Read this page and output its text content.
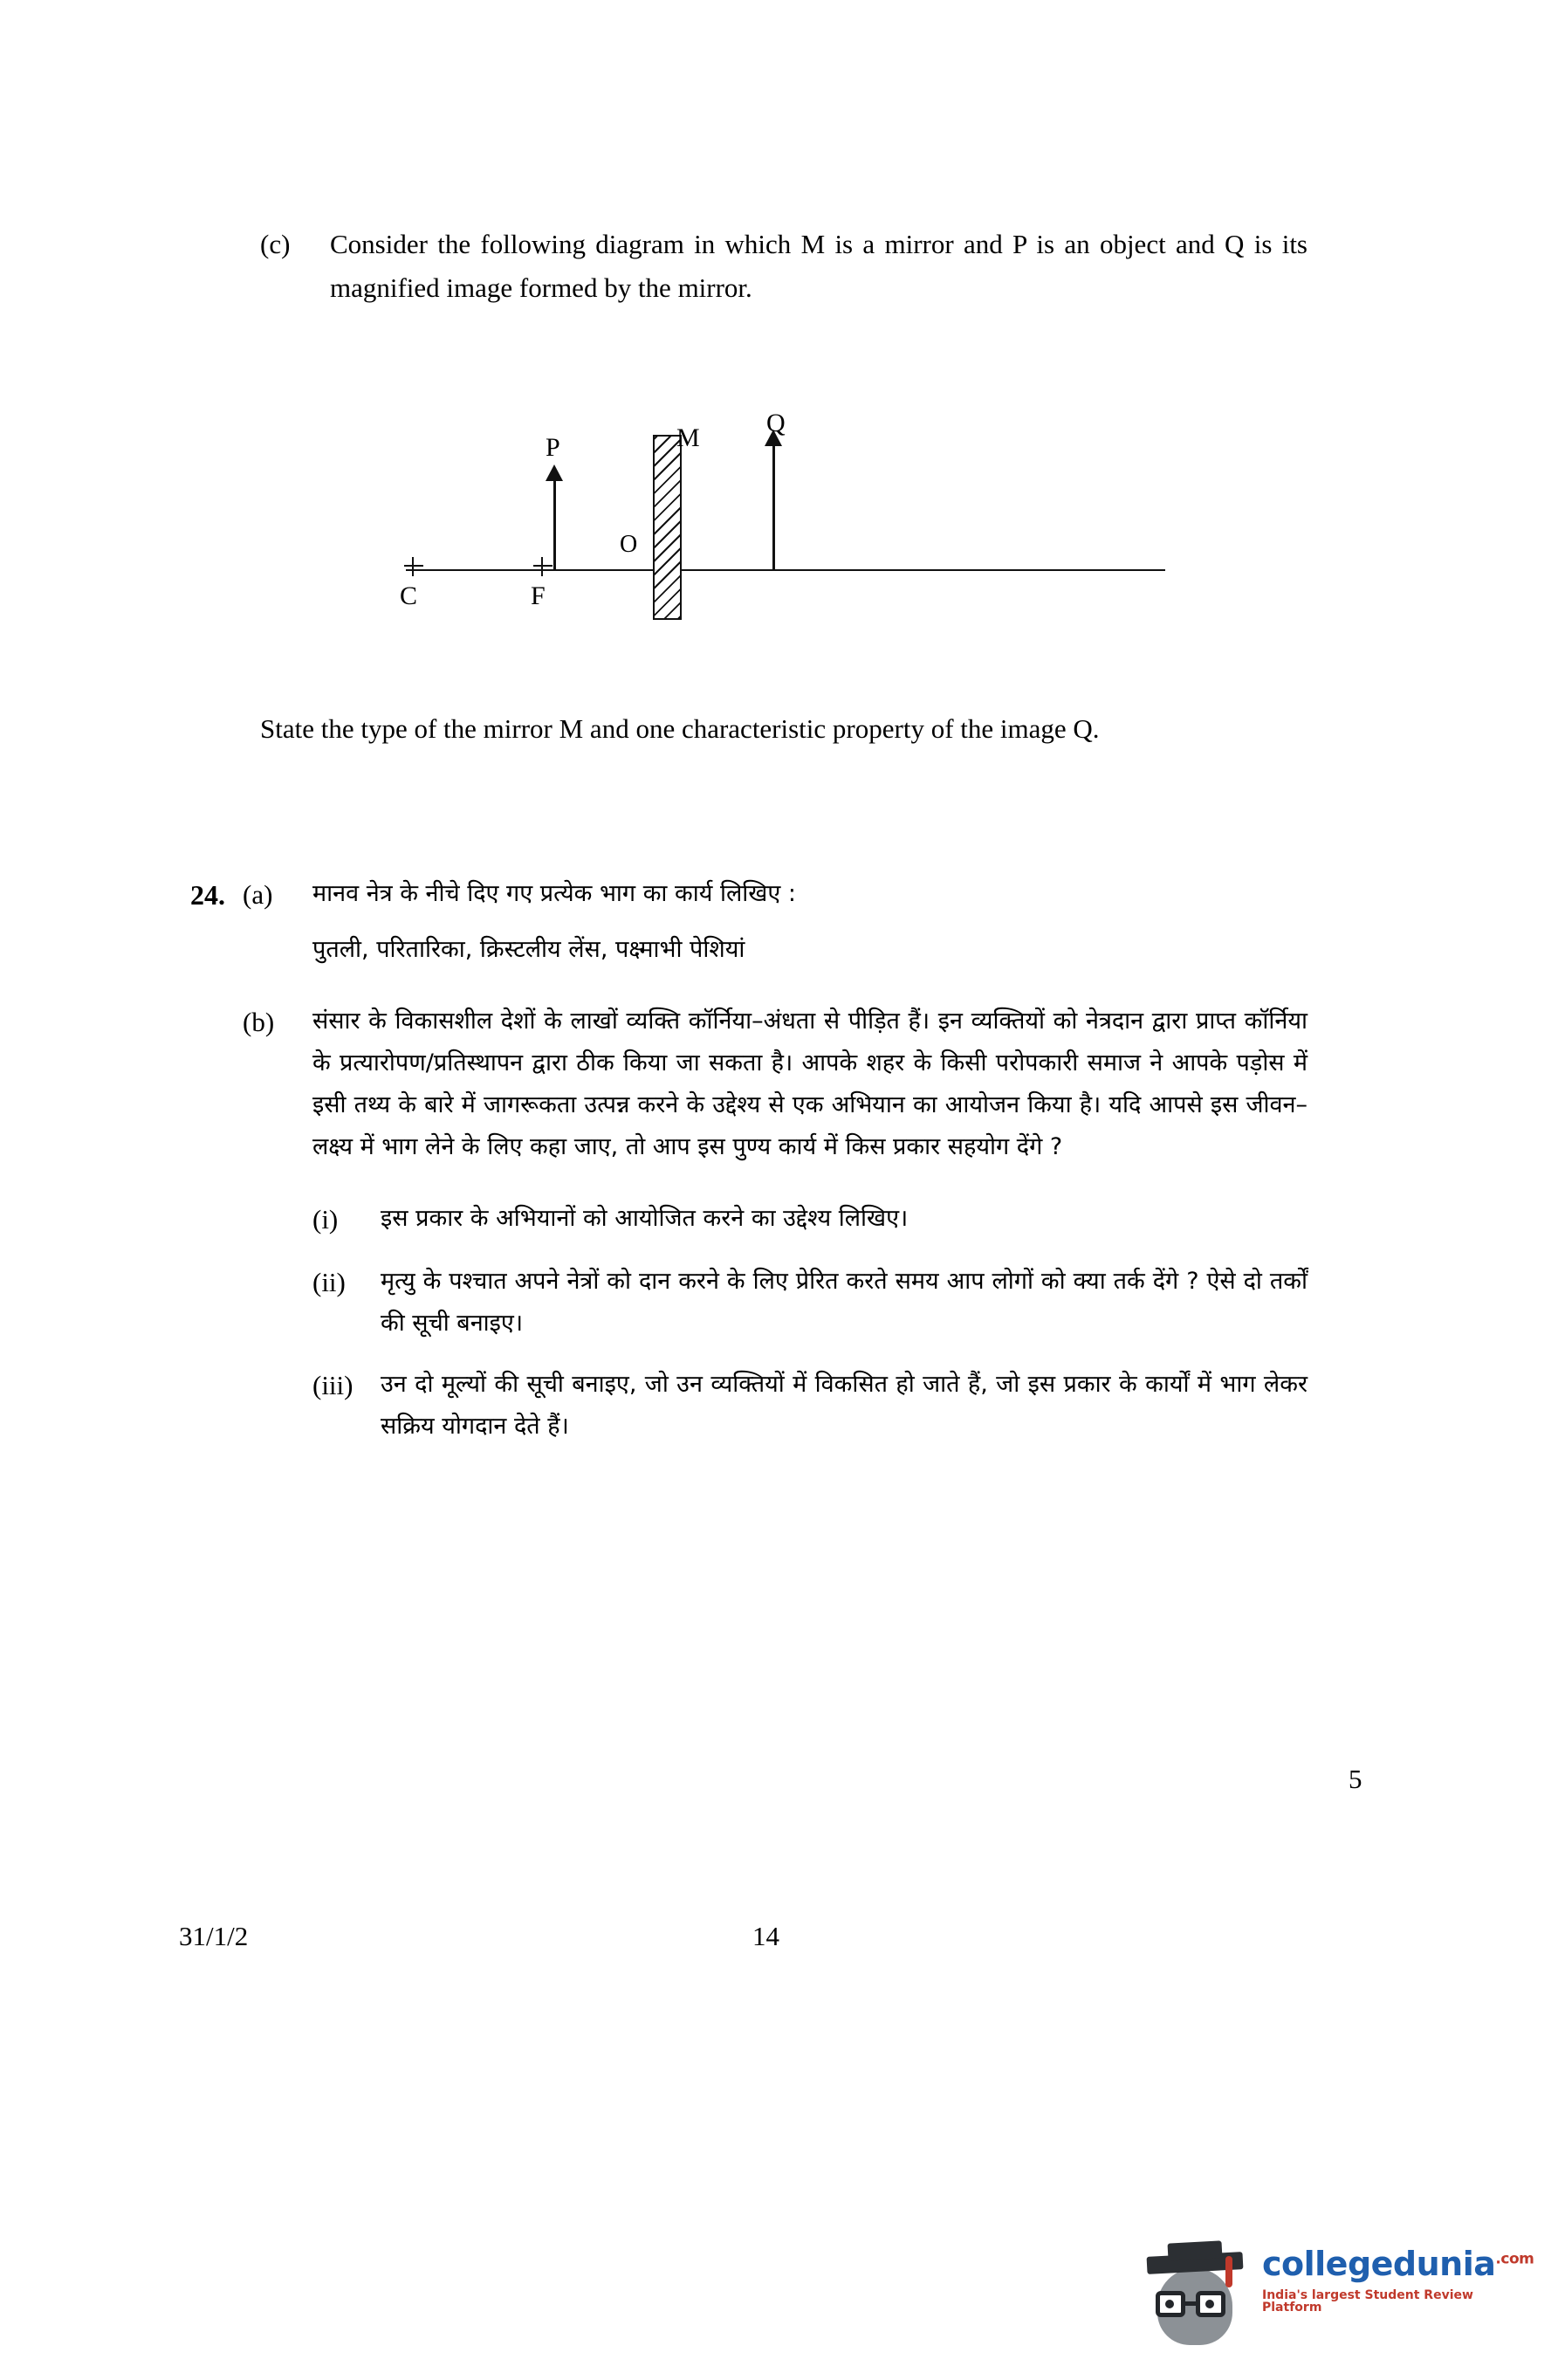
(c)	Consider the following diagram in which M is a mirror and P is an object and Q is its magnified image formed by the mirror.
C	F
P
O
M
Q
State the type of the mirror M and one characteristic property of the image Q.
24. (a)	मानव नेत्र के नीचे दिए गए प्रत्येक भाग का कार्य लिखिए :
पुतली, परितारिका, क्रिस्टलीय लेंस, पक्ष्माभी पेशियां
(b)	संसार के विकासशील देशों के लाखों व्यक्ति कॉर्निया–अंधता से पीड़ित हैं। इन व्यक्तियों को नेत्रदान द्वारा प्राप्त कॉर्निया के प्रत्यारोपण/प्रतिस्थापन द्वारा ठीक किया जा सकता है। आपके शहर के किसी परोपकारी समाज ने आपके पड़ोस में इसी तथ्य के बारे में जागरूकता उत्पन्न करने के उद्देश्य से एक अभियान का आयोजन किया है। यदि आपसे इस जीवन–लक्ष्य में भाग लेने के लिए कहा जाए, तो आप इस पुण्य कार्य में किस प्रकार सहयोग देंगे ?
(i)	इस प्रकार के अभियानों को आयोजित करने का उद्देश्य लिखिए।
(ii)	मृत्यु के पश्चात अपने नेत्रों को दान करने के लिए प्रेरित करते समय आप लोगों को क्या तर्क देंगे ? ऐसे दो तर्कों की सूची बनाइए।
(iii)	उन दो मूल्यों की सूची बनाइए, जो उन व्यक्तियों में विकसित हो जाते हैं, जो इस प्रकार के कार्यों में भाग लेकर सक्रिय योगदान देते हैं।
5
31/1/2	14
collegedunia$^{.com}$
India's largest Student Review Platform
